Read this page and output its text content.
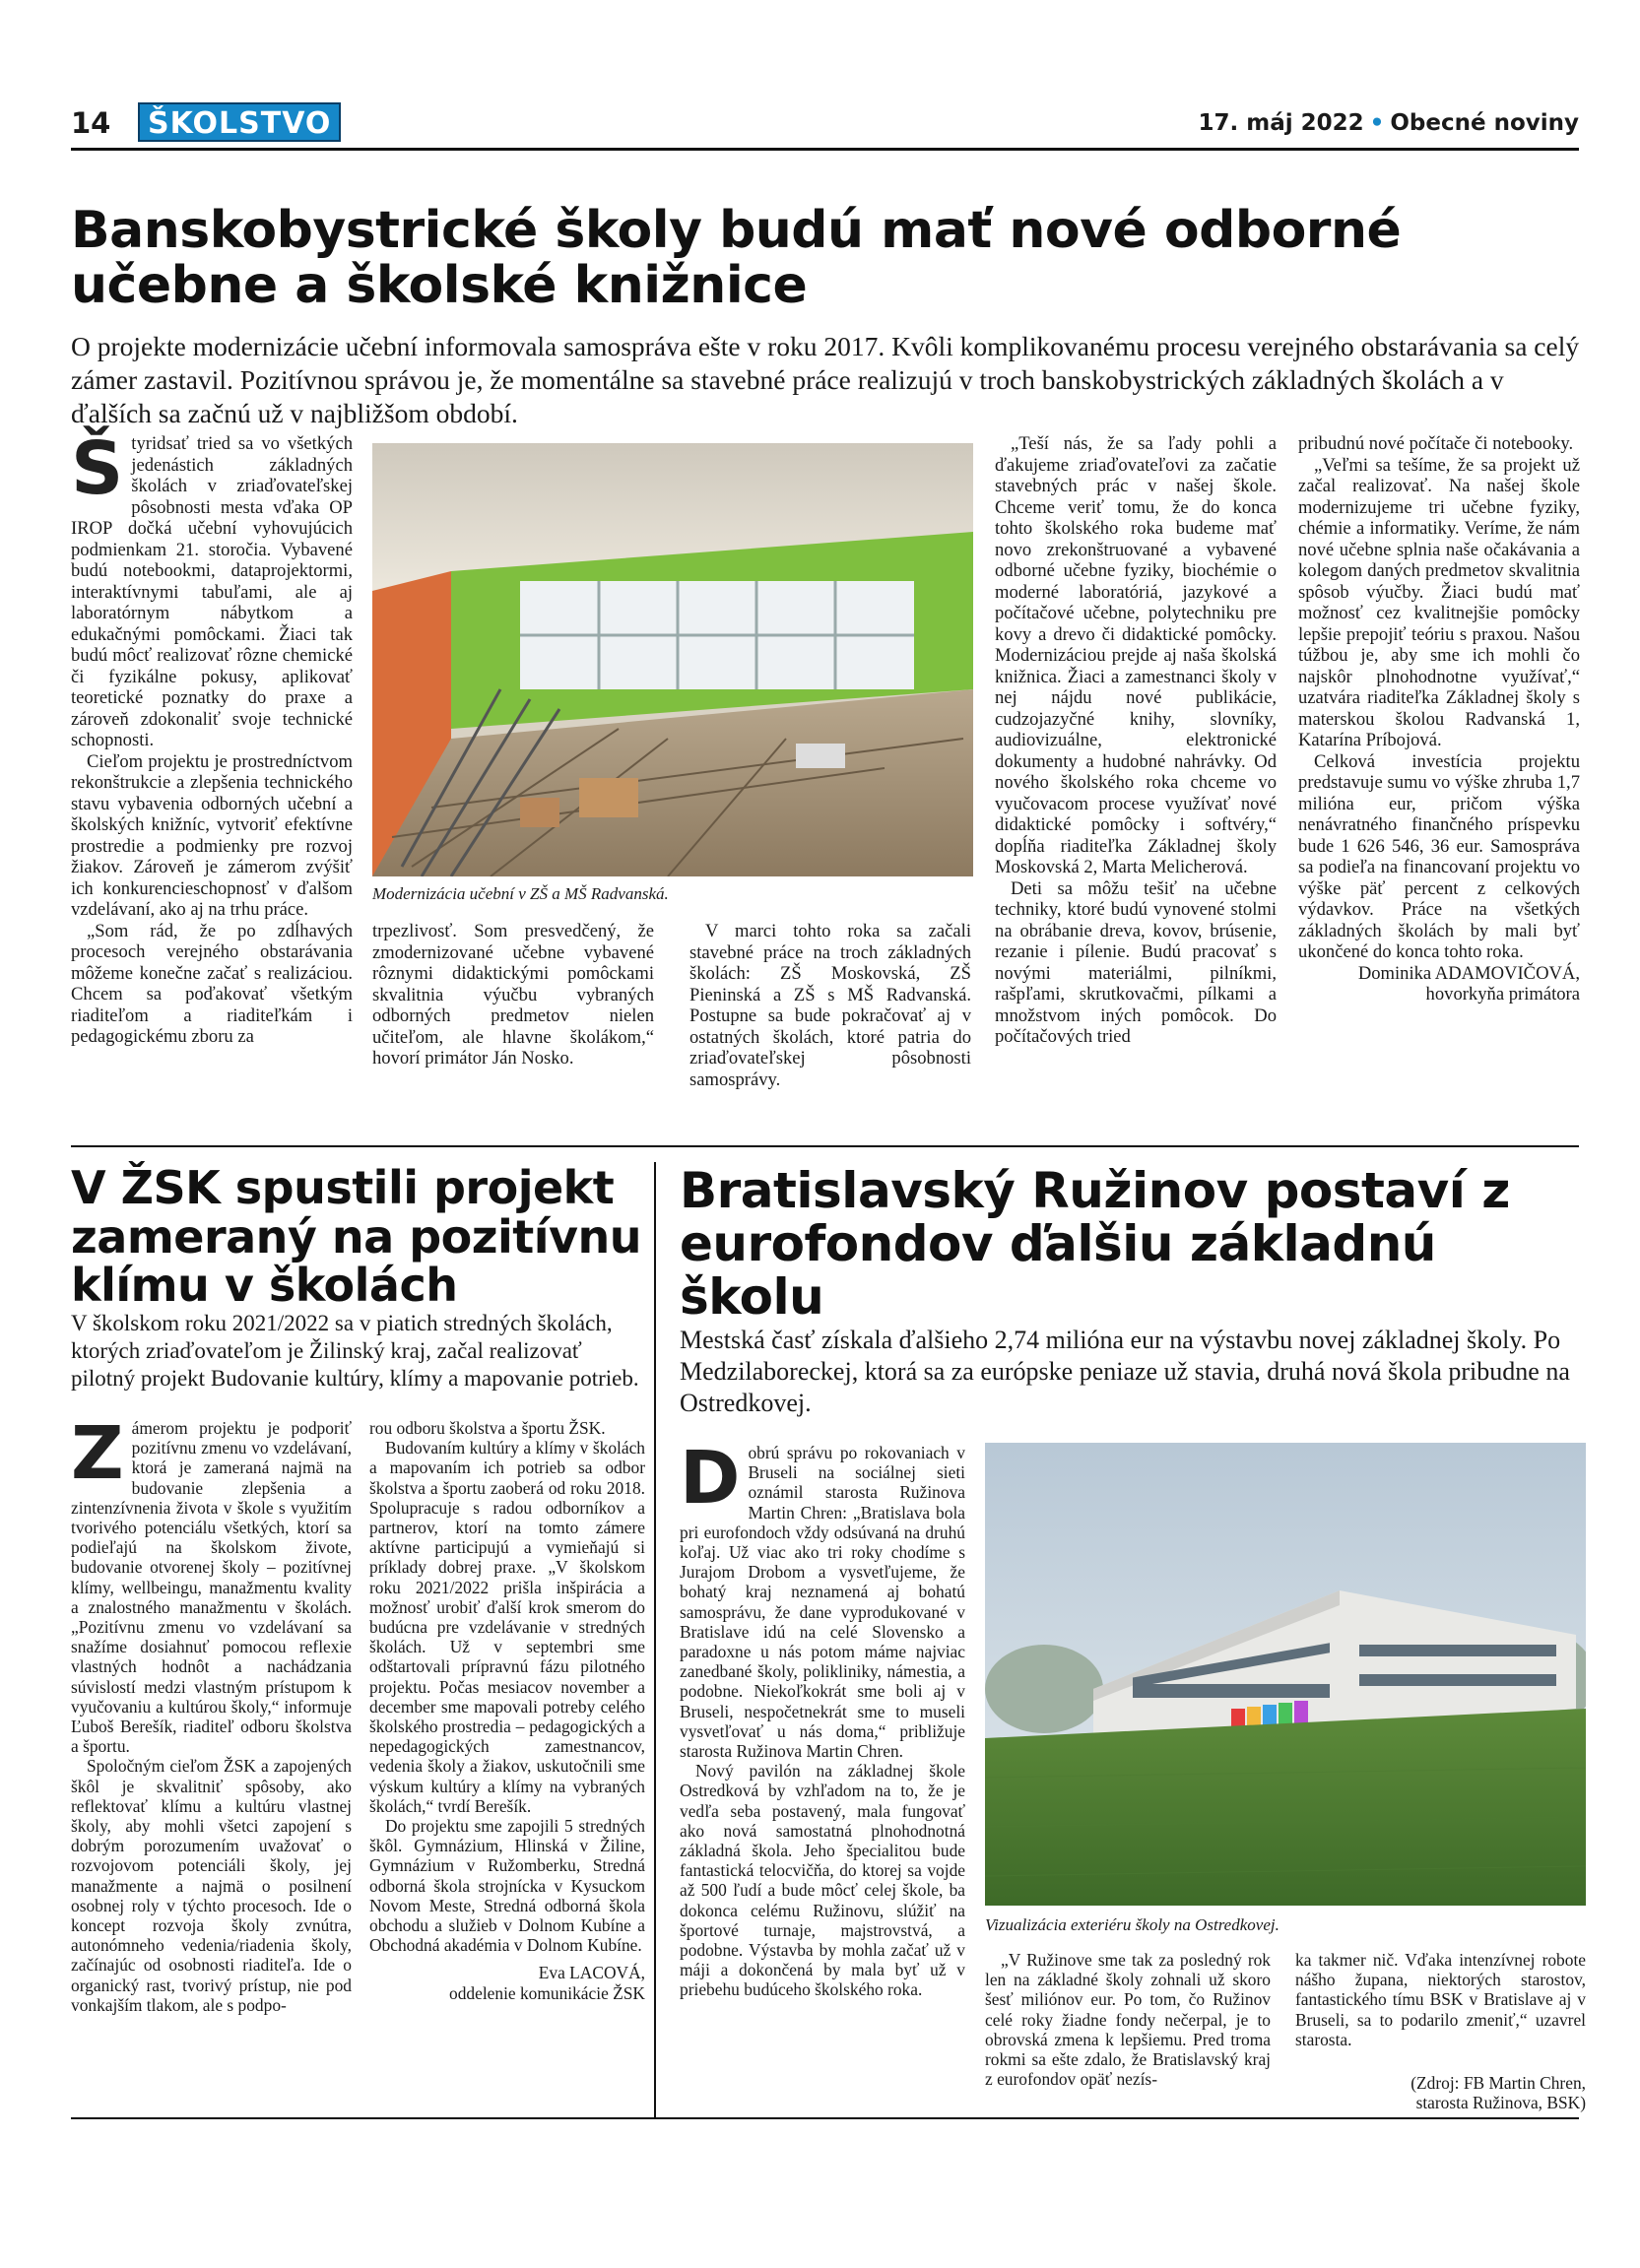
14	ŠKOLSTVO	17. máj 2022 • Obecné noviny
Banskobystrické školy budú mať nové odborné učebne a školské knižnice
O projekte modernizácie učební informovala samospráva ešte v roku 2017. Kvôli komplikovanému procesu verejného obstarávania sa celý zámer zastavil. Pozitívnou správou je, že momentálne sa stavebné práce realizujú v troch banskobystrických základných školách a v ďalších sa začnú už v najbližšom období.
Š tyridsať tried sa vo všetkých jedenástich základných školách v zriaďovateľskej pôsobnosti mesta vďaka OP IROP dočká učební vyhovujúcich podmienkam 21. storočia. Vybavené budú notebookmi, dataprojektormi, interaktívnymi tabuľami, ale aj laboratórnym nábytkom a edukačnými pomôckami. Žiaci tak budú môcť realizovať rôzne chemické či fyzikálne pokusy, aplikovať teoretické poznatky do praxe a zároveň zdokonaliť svoje technické schopnosti.

Cieľom projektu je prostredníctvom rekonštrukcie a zlepšenia technického stavu vybavenia odborných učební a školských knižníc, vytvoriť efektívne prostredie a podmienky pre rozvoj žiakov. Zároveň je zámerom zvýšiť ich konkurencieschopnosť v ďalšom vzdelávaní, ako aj na trhu práce.

„Som rád, že po zdĺhavých procesoch verejného obstarávania môžeme konečne začať s realizáciou. Chcem sa poďakovať všetkým riaditeľom a riaditeľkám i pedagogickému zboru za

Modernizácia učební v ZŠ a MŠ Radvanská.

trpezlivosť. Som presvedčený, že zmodernizované učebne vybavené rôznymi didaktickými pomôckami skvalitnia výučbu vybraných odborných predmetov nielen učiteľom, ale hlavne školákom,“ hovorí primátor Ján Nosko.

V marci tohto roka sa začali stavebné práce na troch základných školách: ZŠ Moskovská, ZŠ Pieninská a ZŠ s MŠ Radvanská. Postupne sa bude pokračovať aj v ostatných školách, ktoré patria do zriaďovateľskej pôsobnosti samosprávy.

„Teší nás, že sa ľady pohli a ďakujeme zriaďovateľovi za začatie stavebných prác v našej škole. Chceme veriť tomu, že do konca tohto školského roka budeme mať novo zrekonštruované a vybavené odborné učebne fyziky, biochémie o moderné laboratóriá, jazykové a počítačové učebne, polytechniku pre kovy a drevo či didaktické pomôcky. Modernizáciou prejde aj naša školská knižnica. Žiaci a zamestnanci školy v nej nájdu nové publikácie, cudzojazyčné knihy, slovníky, audiovizuálne, elektronické dokumenty a hudobné nahrávky. Od nového školského roka chceme vo vyučovacom procese využívať nové didaktické pomôcky i softvéry,“ dopĺňa riaditeľka Základnej školy Moskovská 2, Marta Melicherová.

Deti sa môžu tešiť na učebne techniky, ktoré budú vynovené stolmi na obrábanie dreva, kovov, brúsenie, rezanie i pílenie. Budú pracovať s novými materiálmi, pilníkmi, rašpľami, skrutkovačmi, pílkami a množstvom iných pomôcok. Do počítačových tried

pribudnú nové počítače či notebooky.

„Veľmi sa tešíme, že sa projekt už začal realizovať. Na našej škole modernizujeme tri učebne fyziky, chémie a informatiky. Veríme, že nám nové učebne splnia naše očakávania a kolegom daných predmetov skvalitnia spôsob výučby. Žiaci budú mať možnosť cez kvalitnejšie pomôcky lepšie prepojiť teóriu s praxou. Našou túžbou je, aby sme ich mohli čo najskôr plnohodnotne využívať,“ uzatvára riaditeľka Základnej školy s materskou školou Radvanská 1, Katarína Príbojová.

Celková investícia projektu predstavuje sumu vo výške zhruba 1,7 milióna eur, pričom výška nenávratného finančného príspevku bude 1 626 546, 36 eur. Samospráva sa podieľa na financovaní projektu vo výške päť percent z celkových výdavkov. Práce na všetkých základných školách by mali byť ukončené do konca tohto roka.

Dominika ADAMOVIČOVÁ,
hovorkyňa primátora
V ŽSK spustili projekt zameraný na pozitívnu klímu v školách
V školskom roku 2021/2022 sa v piatich stredných školách, ktorých zriaďovateľom je Žilinský kraj, začal realizovať pilotný projekt Budovanie kultúry, klímy a mapovanie potrieb.
Z ámerom projektu je podporiť pozitívnu zmenu vo vzdelávaní, ktorá je zameraná najmä na budovanie zlepšenia a zintenzívnenia života v škole s využitím tvorivého potenciálu všetkých, ktorí sa podieľajú na školskom živote, budovanie otvorenej školy – pozitívnej klímy, wellbeingu, manažmentu kvality a znalostného manažmentu v školách. „Pozitívnu zmenu vo vzdelávaní sa snažíme dosiahnuť pomocou reflexie vlastných hodnôt a nachádzania súvislostí medzi vlastným prístupom k vyučovaniu a kultúrou školy,“ informuje Ľuboš Berešík, riaditeľ odboru školstva a športu.

Spoločným cieľom ŽSK a zapojených škôl je skvalitniť spôsoby, ako reflektovať klímu a kultúru vlastnej školy, aby mohli všetci zapojení s dobrým porozumením uvažovať o rozvojovom potenciáli školy, jej manažmente a najmä o posilnení osobnej roly v týchto procesoch. Ide o koncept rozvoja školy zvnútra, autonómneho vedenia/riadenia školy, začínajúc od osobnosti riaditeľa. Ide o organický rast, tvorivý prístup, nie pod vonkajším tlakom, ale s podpo-

rou odboru školstva a športu ŽSK.

Budovaním kultúry a klímy v školách a mapovaním ich potrieb sa odbor školstva a športu zaoberá od roku 2018. Spolupracuje s radou odborníkov a partnerov, ktorí na tomto zámere aktívne participujú a vymieňajú si príklady dobrej praxe. „V školskom roku 2021/2022 prišla inšpirácia a možnosť urobiť ďalší krok smerom do budúcna pre vzdelávanie v stredných školách. Už v septembri sme odštartovali prípravnú fázu pilotného projektu. Počas mesiacov november a december sme mapovali potreby celého školského prostredia – pedagogických a nepedagogických zamestnancov, vedenia školy a žiakov, uskutočnili sme výskum kultúry a klímy na vybraných školách,“ tvrdí Berešík.

Do projektu sme zapojili 5 stredných škôl. Gymnázium, Hlinská v Žiline, Gymnázium v Ružomberku, Stredná odborná škola strojnícka v Kysuckom Novom Meste, Stredná odborná škola obchodu a služieb v Dolnom Kubíne a Obchodná akadémia v Dolnom Kubíne.

Eva LACOVÁ,
oddelenie komunikácie ŽSK
Bratislavský Ružinov postaví z eurofondov ďalšiu základnú školu
Mestská časť získala ďalšieho 2,74 milióna eur na výstavbu novej základnej školy. Po Medzilaboreckej, ktorá sa za európske peniaze už stavia, druhá nová škola pribudne na Ostredkovej.
D obrú správu po rokovaniach v Bruseli na sociálnej sieti oznámil starosta Ružinova Martin Chren: „Bratislava bola pri eurofondoch vždy odsúvaná na druhú koľaj. Už viac ako tri roky chodíme s Jurajom Drobom a vysvetľujeme, že bohatý kraj neznamená aj bohatú samosprávu, že dane vyprodukované v Bratislave idú na celé Slovensko a paradoxne u nás potom máme najviac zanedbané školy, polikliniky, námestia, a podobne. Niekoľkokrát sme boli aj v Bruseli, nespočetnekrát sme to museli vysvetľovať u nás doma,“ približuje starosta Ružinova Martin Chren.

Nový pavilón na základnej škole Ostredková by vzhľadom na to, že je vedľa seba postavený, mala fungovať ako nová samostatná plnohodnotná základná škola. Jeho špecialitou bude fantastická telocvičňa, do ktorej sa vojde až 500 ľudí a bude môcť celej škole, ba dokonca celému Ružinovu, slúžiť na športové turnaje, majstrovstvá, a podobne. Výstavba by mohla začať už v máji a dokončená by mala byť už v priebehu budúceho školského roka.

Vizualizácia exteriéru školy na Ostredkovej.

„V Ružinove sme tak za posledný rok len na základné školy zohnali už skoro šesť miliónov eur. Po tom, čo Ružinov celé roky žiadne fondy nečerpal, je to obrovská zmena k lepšiemu. Pred troma rokmi sa ešte zdalo, že Bratislavský kraj z eurofondov opäť nezís-

ka takmer nič. Vďaka intenzívnej robote nášho župana, niektorých starostov, fantastického tímu BSK v Bratislave aj v Bruseli, sa to podarilo zmeniť,“ uzavrel starosta.

(Zdroj: FB Martin Chren,
starosta Ružinova, BSK)
